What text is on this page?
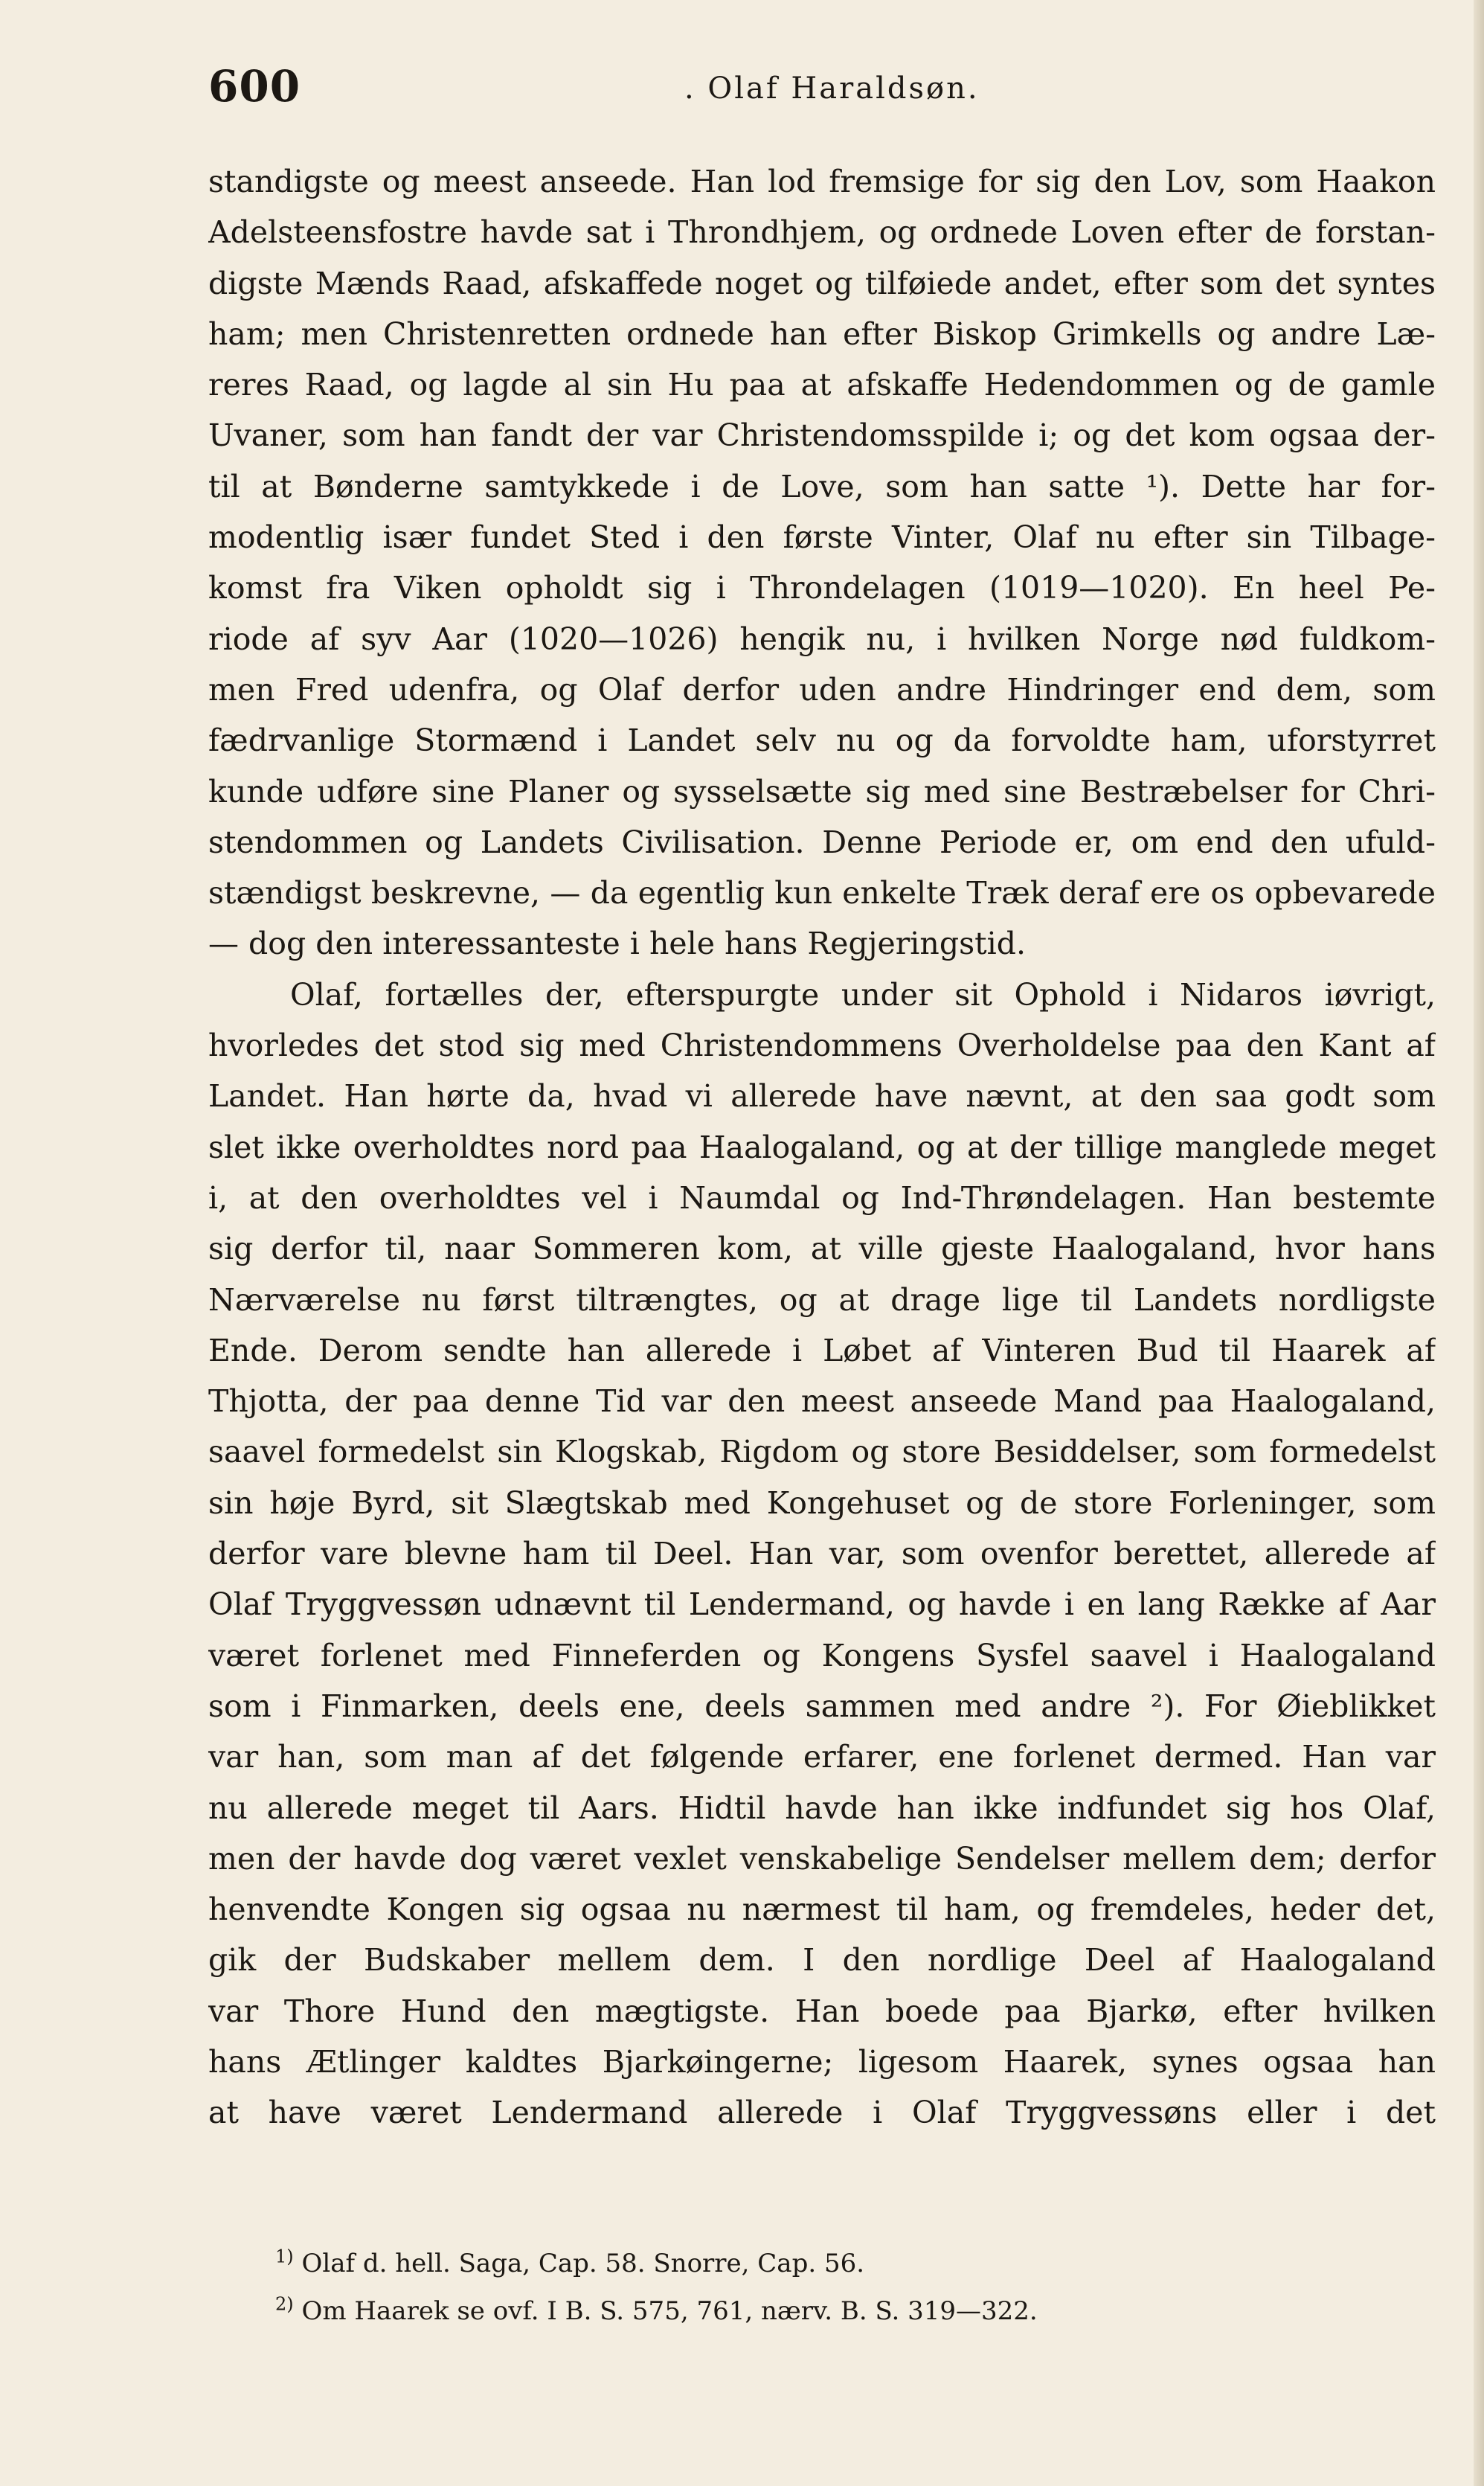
600	. Olaf Haraldsøn.
standigste og meest anseede. Han lod fremsige for sig den Lov, som Haakon
Adelsteensfostre havde sat i Throndhjem, og ordnede Loven efter de forstan-
digste Mænds Raad, afskaffede noget og tilføiede andet, efter som det syntes
ham; men Christenretten ordnede han efter Biskop Grimkells og andre Læ-
reres Raad, og lagde al sin Hu paa at afskaffe Hedendommen og de gamle
Uvaner, som han fandt der var Christendomsspilde i; og det kom ogsaa der-
til at Bønderne samtykkede i de Love, som han satte ¹). Dette har for-
modentlig især fundet Sted i den første Vinter, Olaf nu efter sin Tilbage-
komst fra Viken opholdt sig i Throndelagen (1019—1020). En heel Pe-
riode af syv Aar (1020—1026) hengik nu, i hvilken Norge nød fuldkom-
men Fred udenfra, og Olaf derfor uden andre Hindringer end dem, som
fædrvanlige Stormænd i Landet selv nu og da forvoldte ham, uforstyrret
kunde udføre sine Planer og sysselsætte sig med sine Bestræbelser for Chri-
stendommen og Landets Civilisation. Denne Periode er, om end den ufuld-
stændigst beskrevne, — da egentlig kun enkelte Træk deraf ere os opbevarede
— dog den interessanteste i hele hans Regjeringstid.
Olaf, fortælles der, efterspurgte under sit Ophold i Nidaros iøvrigt,
hvorledes det stod sig med Christendommens Overholdelse paa den Kant af
Landet. Han hørte da, hvad vi allerede have nævnt, at den saa godt som
slet ikke overholdtes nord paa Haalogaland, og at der tillige manglede meget
i, at den overholdtes vel i Naumdal og Ind-Thrøndelagen. Han bestemte
sig derfor til, naar Sommeren kom, at ville gjeste Haalogaland, hvor hans
Nærværelse nu først tiltrængtes, og at drage lige til Landets nordligste
Ende. Derom sendte han allerede i Løbet af Vinteren Bud til Haarek af
Thjotta, der paa denne Tid var den meest anseede Mand paa Haalogaland,
saavel formedelst sin Klogskab, Rigdom og store Besiddelser, som formedelst
sin høje Byrd, sit Slægtskab med Kongehuset og de store Forleninger, som
derfor vare blevne ham til Deel. Han var, som ovenfor berettet, allerede af
Olaf Tryggvessøn udnævnt til Lendermand, og havde i en lang Række af Aar
været forlenet med Finneferden og Kongens Sysfel saavel i Haalogaland
som i Finmarken, deels ene, deels sammen med andre ²). For Øieblikket
var han, som man af det følgende erfarer, ene forlenet dermed. Han var
nu allerede meget til Aars. Hidtil havde han ikke indfundet sig hos Olaf,
men der havde dog været vexlet venskabelige Sendelser mellem dem; derfor
henvendte Kongen sig ogsaa nu nærmest til ham, og fremdeles, heder det,
gik der Budskaber mellem dem. I den nordlige Deel af Haalogaland
var Thore Hund den mægtigste. Han boede paa Bjarkø, efter hvilken
hans Ætlinger kaldtes Bjarkøingerne; ligesom Haarek, synes ogsaa han
at have været Lendermand allerede i Olaf Tryggvessøns eller i det
$^{1)}$ Olaf d. hell. Saga, Cap. 58. Snorre, Cap. 56.
$^{2)}$ Om Haarek se ovf. I B. S. 575, 761, nærv. B. S. 319—322.
